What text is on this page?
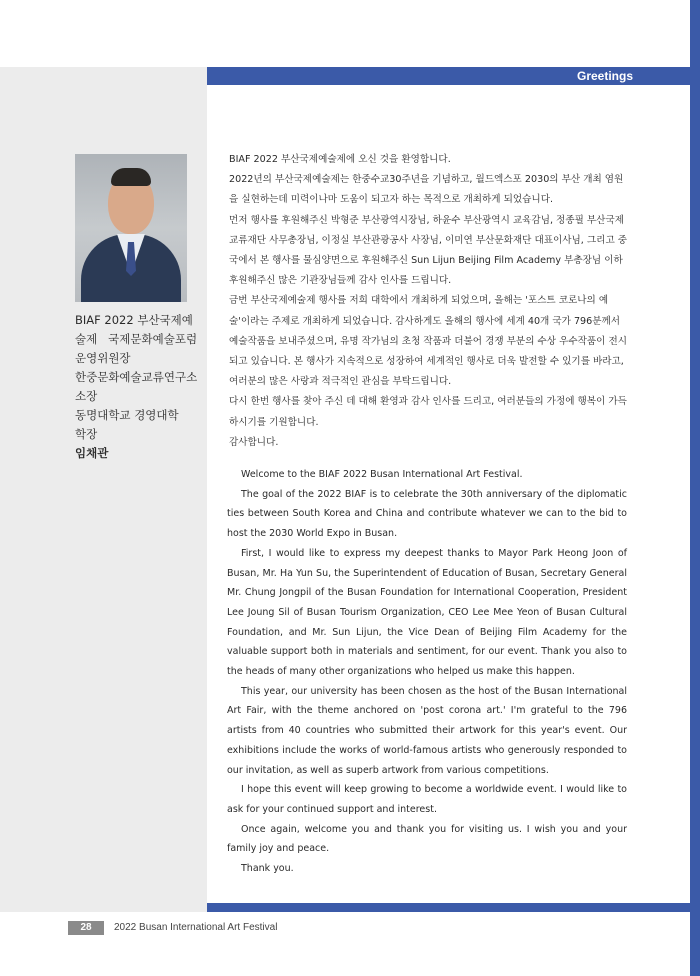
Greetings
BIAF 2022 부산국제예
술제   국제문화예술포럼
운영위원장
한중문화예술교류연구소
소장
동명대학교 경영대학
학장
임채관

BIAF 2022 부산국제예술제에 오신 것을 환영합니다.

2022년의 부산국제예술제는 한중수교30주년을 기념하고, 월드엑스포 2030의 부산 개최 염원을 실현하는데 미력이나마 도움이 되고자 하는 목적으로 개최하게 되었습니다.

먼저 행사를 후원해주신 박형준 부산광역시장님, 하윤수 부산광역시 교육감님, 정종필 부산국제교류재단 사무총장님, 이정실 부산관광공사 사장님, 이미연 부산문화재단 대표이사님, 그리고 중국에서 본 행사를 물심양면으로 후원해주신 Sun Lijun Beijing Film Academy 부총장님 이하 후원해주신 많은 기관장님들께 감사 인사를 드립니다.

금번 부산국제예술제 행사를 저희 대학에서 개최하게 되었으며, 올해는 '포스트 코로나의 예술'이라는 주제로 개최하게 되었습니다. 감사하게도 올해의 행사에 세계 40개 국가 796분께서 예술작품을 보내주셨으며, 유명 작가님의 초청 작품과 더불어 경쟁 부분의 수상 우수작품이 전시되고 있습니다. 본 행사가 지속적으로 성장하여 세계적인 행사로 더욱 발전할 수 있기를 바라고, 여러분의 많은 사랑과 적극적인 관심을 부탁드립니다.

다시 한번 행사를 찾아 주신 데 대해 환영과 감사 인사를 드리고, 여러분들의 가정에 행복이 가득하시기를 기원합니다.

감사합니다.

Welcome to the BIAF 2022 Busan International Art Festival.

The goal of the 2022 BIAF is to celebrate the 30th anniversary of the diplomatic ties between South Korea and China and contribute whatever we can to the bid to host the 2030 World Expo in Busan.

First, I would like to express my deepest thanks to Mayor Park Heong Joon of Busan, Mr. Ha Yun Su, the Superintendent of Education of Busan, Secretary General Mr. Chung Jongpil of the Busan Foundation for International Cooperation, President Lee Joung Sil of Busan Tourism Organization, CEO Lee Mee Yeon of Busan Cultural Foundation, and Mr. Sun Lijun, the Vice Dean of Beijing Film Academy for the valuable support both in materials and sentiment, for our event. Thank you also to the heads of many other organizations who helped us make this happen.

This year, our university has been chosen as the host of the Busan International Art Fair, with the theme anchored on 'post corona art.' I'm grateful to the 796 artists from 40 countries who submitted their artwork for this year's event. Our exhibitions include the works of world-famous artists who generously responded to our invitation, as well as superb artwork from various competitions.

I hope this event will keep growing to become a worldwide event. I would like to ask for your continued support and interest.

Once again, welcome you and thank you for visiting us. I wish you and your family joy and peace.

Thank you.

28 2022 Busan International Art Festival
